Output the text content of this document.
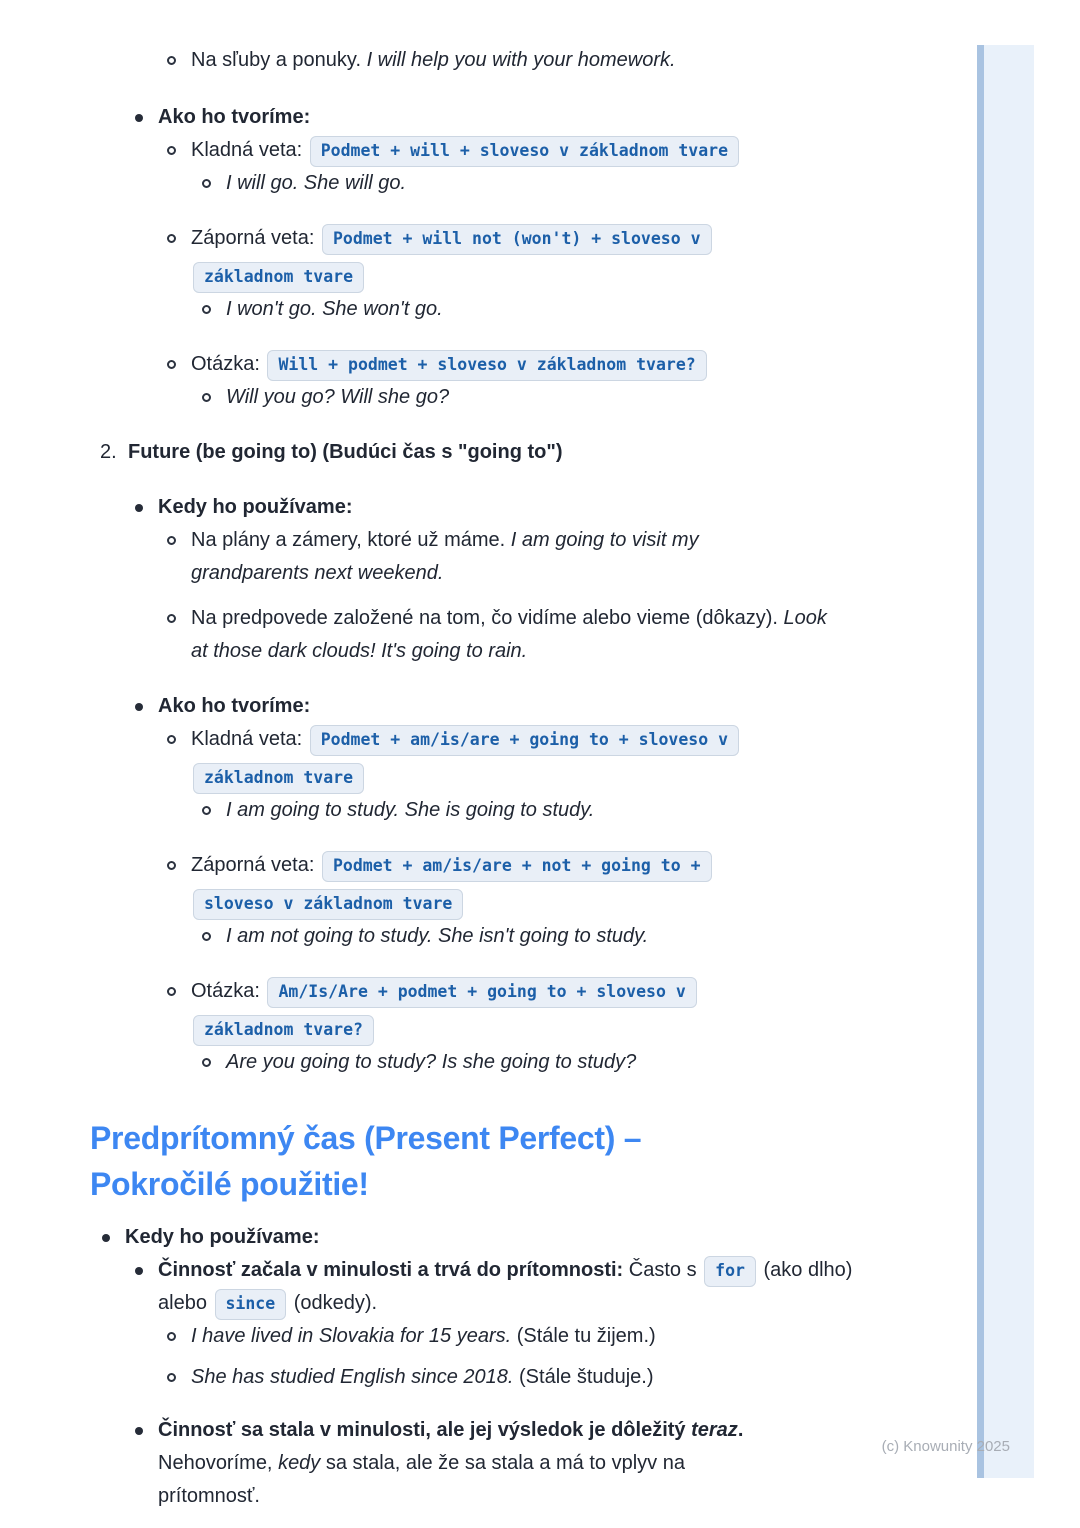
Na sľuby a ponuky. I will help you with your homework.
Ako ho tvoríme:
Kladná veta: Podmet + will + sloveso v základnom tvare
I will go. She will go.
Záporná veta: Podmet + will not (won't) + sloveso v
základnom tvare
I won't go. She won't go.
Otázka: Will + podmet + sloveso v základnom tvare?
Will you go? Will she go?
2. Future (be going to) (Budúci čas s "going to")
Kedy ho používame:
Na plány a zámery, ktoré už máme. I am going to visit my grandparents next weekend.
Na predpovede založené na tom, čo vidíme alebo vieme (dôkazy). Look at those dark clouds! It's going to rain.
Ako ho tvoríme:
Kladná veta: Podmet + am/is/are + going to + sloveso v
základnom tvare
I am going to study. She is going to study.
Záporná veta: Podmet + am/is/are + not + going to +
sloveso v základnom tvare
I am not going to study. She isn't going to study.
Otázka: Am/Is/Are + podmet + going to + sloveso v
základnom tvare?
Are you going to study? Is she going to study?
Predprítomný čas (Present Perfect) – Pokročilé použitie!
Kedy ho používame:
Činnosť začala v minulosti a trvá do prítomnosti: Často s for (ako dlho) alebo since (odkedy).
I have lived in Slovakia for 15 years. (Stále tu žijem.)
She has studied English since 2018. (Stále študuje.)
Činnosť sa stala v minulosti, ale jej výsledok je dôležitý teraz.
Nehovoríme, kedy sa stala, ale že sa stala a má to vplyv na prítomnosť.
(c) Knowunity 2025
